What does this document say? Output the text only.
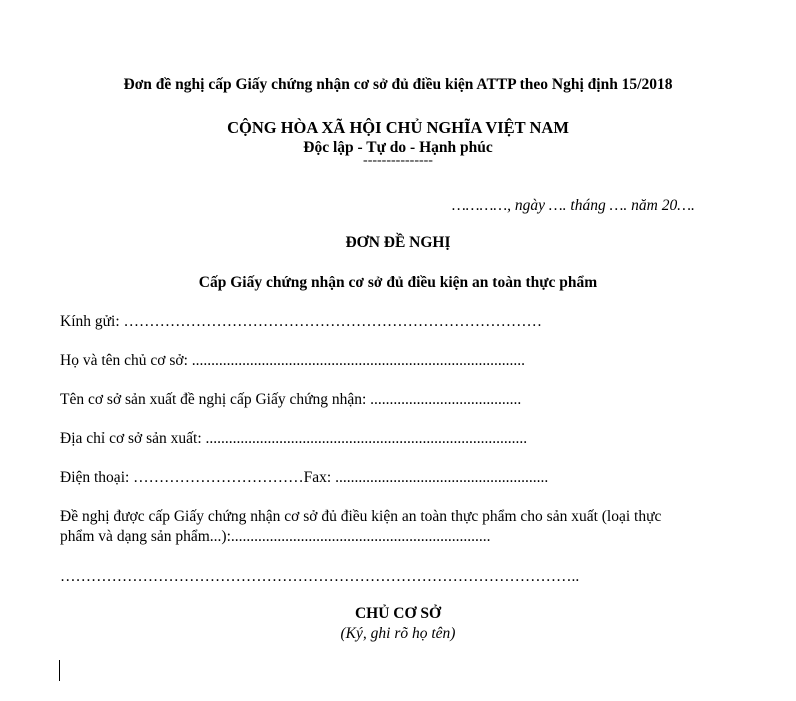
Đơn đề nghị cấp Giấy chứng nhận cơ sở đủ điều kiện ATTP theo Nghị định 15/2018
CỘNG HÒA XÃ HỘI CHỦ NGHĨA VIỆT NAM
Độc lập - Tự do - Hạnh phúc
---------------
…………, ngày …. tháng …. năm 20….
ĐƠN ĐỀ NGHỊ
Cấp Giấy chứng nhận cơ sở đủ điều kiện an toàn thực phẩm
Kính gửi: ………………………………………………………………………
Họ và tên chủ cơ sở: ......................................................................................
Tên cơ sở sản xuất đề nghị cấp Giấy chứng nhận: .......................................
Địa chỉ cơ sở sản xuất: ...................................................................................
Điện thoại: ……………………………Fax: .......................................................
Đề nghị được cấp Giấy chứng nhận cơ sở đủ điều kiện an toàn thực phẩm cho sản xuất (loại thực
phẩm và dạng sản phẩm...):...................................................................
………………………………………………………………………………………..
CHỦ CƠ SỞ
(Ký, ghi rõ họ tên)
